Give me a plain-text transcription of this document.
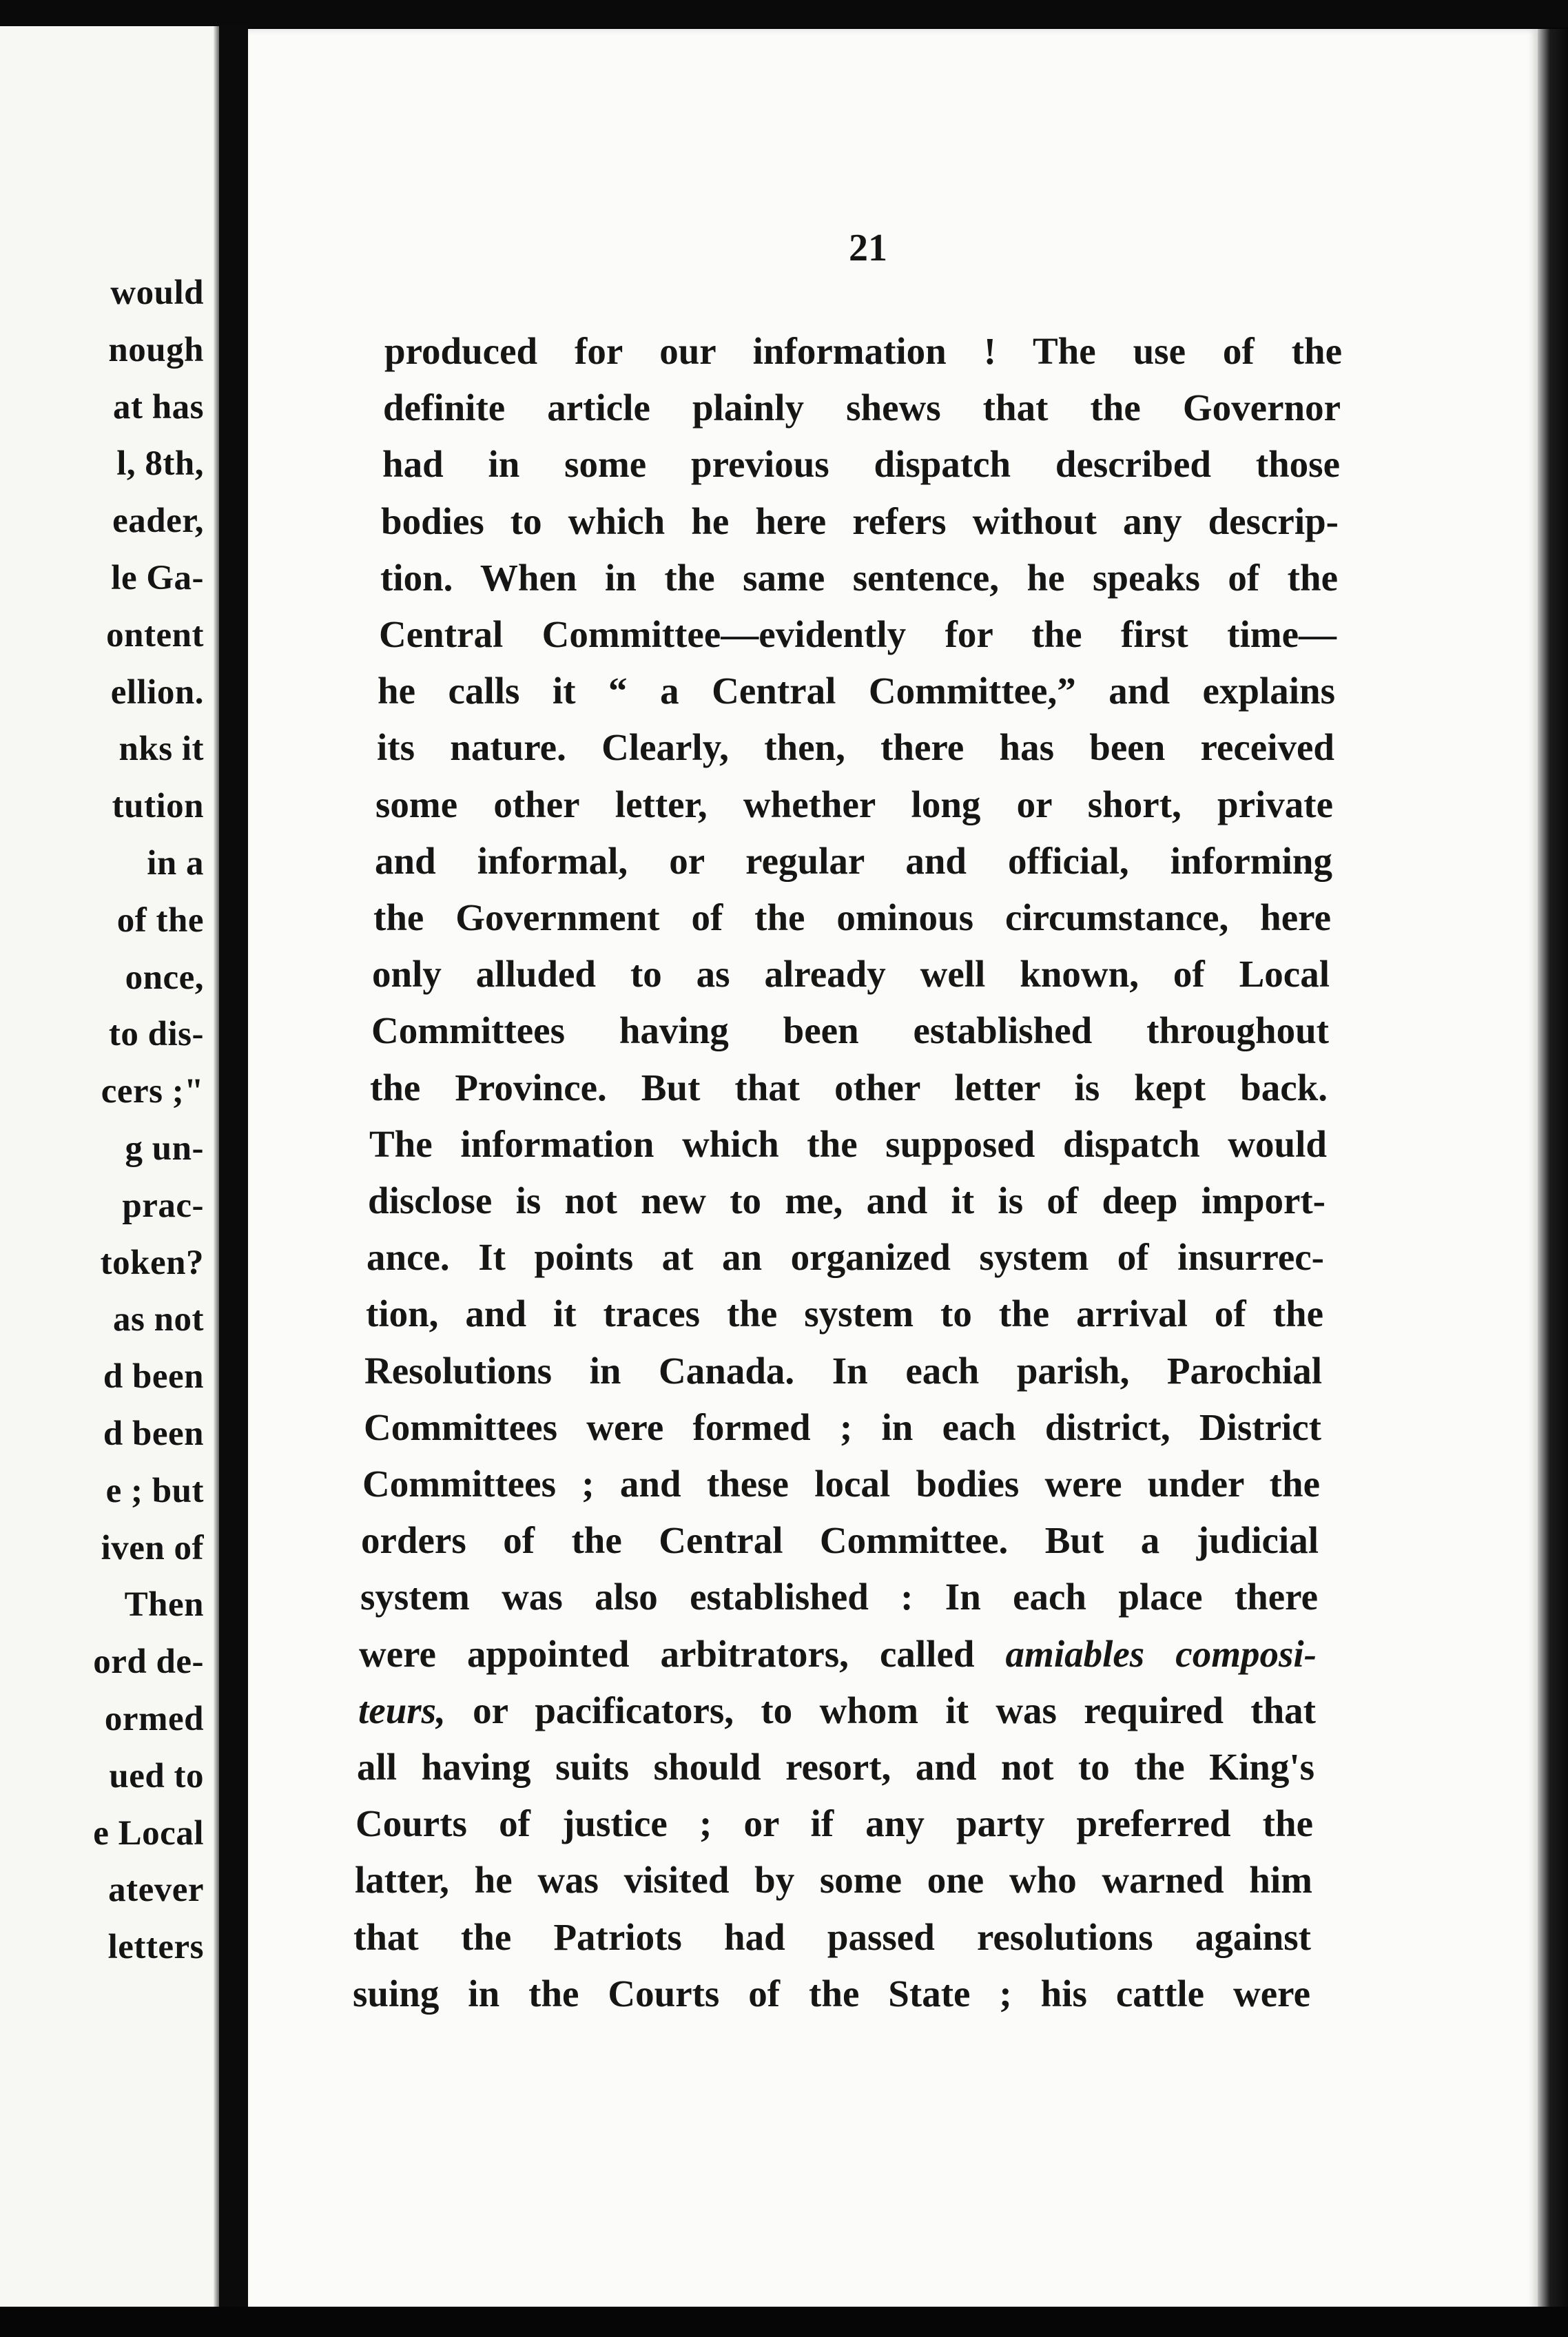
would
nough
at has
l, 8th,
eader,
le Ga-
ontent
ellion.
nks it
tution
in a
of the
once,
to dis-
cers ;"
g un-
prac-
token?
as not
d been
d been
e ; but
iven of
Then
ord de-
ormed
ued to
e Local
atever
letters
21
produced for our information ! The use of the
definite article plainly shews that the Governor
had in some previous dispatch described those
bodies to which he here refers without any descrip-
tion. When in the same sentence, he speaks of the
Central Committee—evidently for the first time—
he calls it “ a Central Committee,” and explains
its nature. Clearly, then, there has been received
some other letter, whether long or short, private
and informal, or regular and official, informing
the Government of the ominous circumstance, here
only alluded to as already well known, of Local
Committees having been established throughout
the Province. But that other letter is kept back.
The information which the supposed dispatch would
disclose is not new to me, and it is of deep import-
ance. It points at an organized system of insurrec-
tion, and it traces the system to the arrival of the
Resolutions in Canada. In each parish, Parochial
Committees were formed ; in each district, District
Committees ; and these local bodies were under the
orders of the Central Committee. But a judicial
system was also established : In each place there
were appointed arbitrators, called amiables composi-
teurs, or pacificators, to whom it was required that
all having suits should resort, and not to the King's
Courts of justice ; or if any party preferred the
latter, he was visited by some one who warned him
that the Patriots had passed resolutions against
suing in the Courts of the State ; his cattle were
